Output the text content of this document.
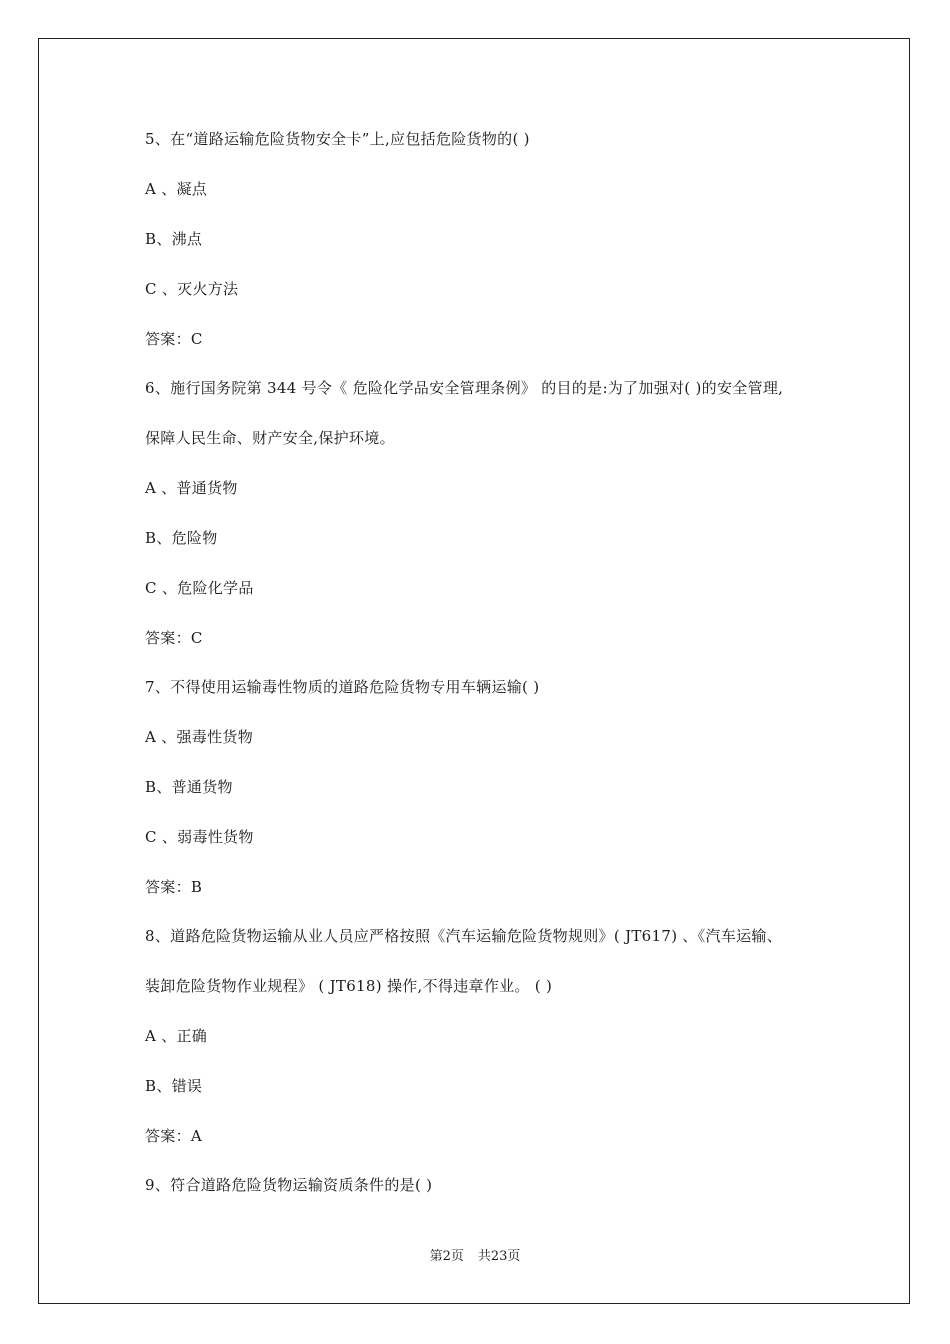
5、在“道路运输危险货物安全卡”上,应包括危险货物的( )
A 、凝点
B、沸点
C 、灭火方法
答案：C
6、施行国务院第 344 号令《 危险化学品安全管理条例》 的目的是:为了加强对( )的安全管理,
保障人民生命、财产安全,保护环境。
A 、普通货物
B、危险物
C 、危险化学品
答案：C
7、不得使用运输毒性物质的道路危险货物专用车辆运输( )
A 、强毒性货物
B、普通货物
C 、弱毒性货物
答案：B
8、道路危险货物运输从业人员应严格按照《汽车运输危险货物规则》( JT617) 、《汽车运输、
装卸危险货物作业规程》 ( JT618) 操作,不得违章作业。 ( )
A 、正确
B、错误
答案：A
9、符合道路危险货物运输资质条件的是( )
第2页 共23页
